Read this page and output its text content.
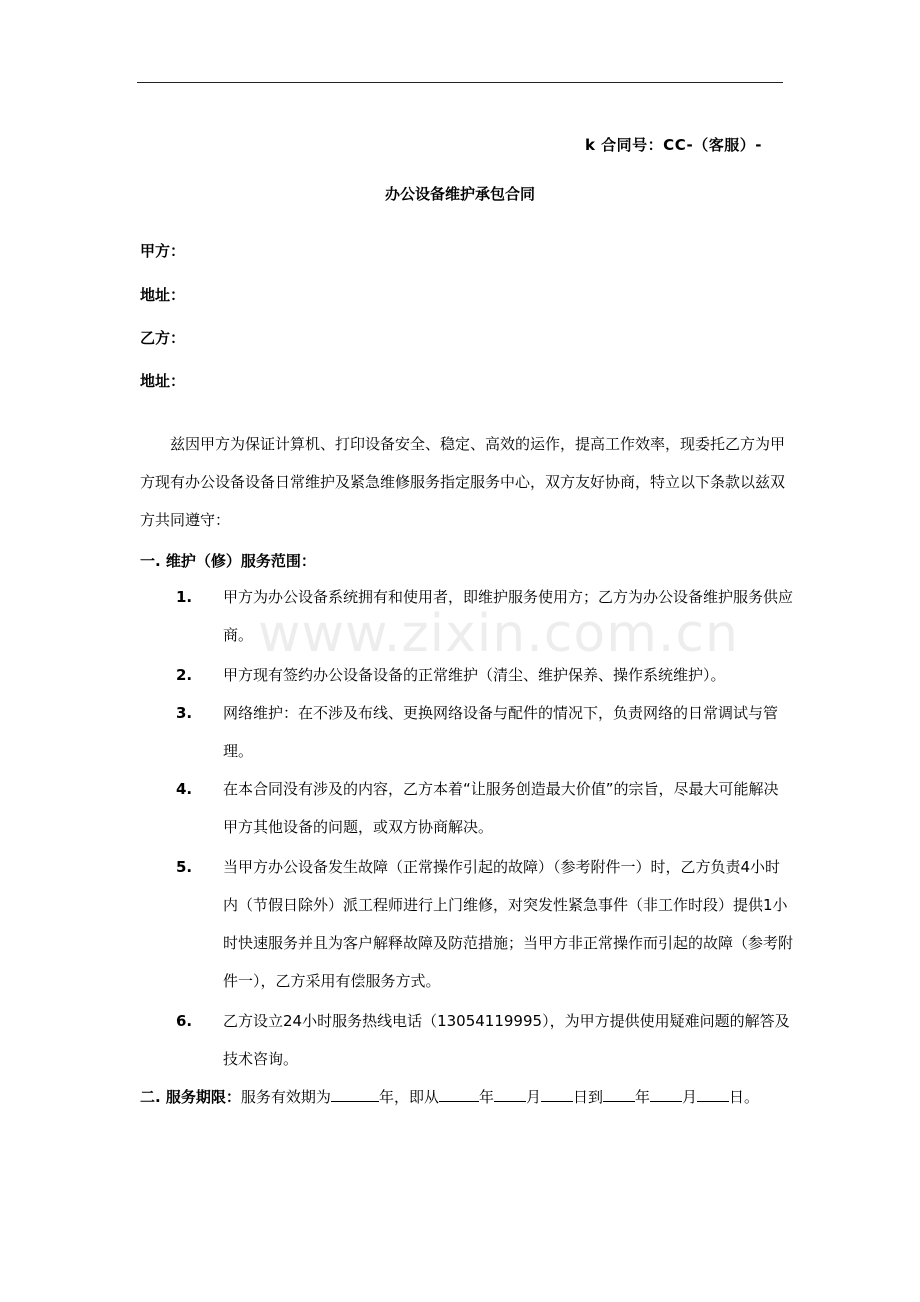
k 合同号：CC-（客服）-
办公设备维护承包合同
甲方：
地址：
乙方：
地址：
兹因甲方为保证计算机、打印设备安全、稳定、高效的运作，提高工作效率，现委托乙方为甲方现有办公设备设备日常维护及紧急维修服务指定服务中心，双方友好协商，特立以下条款以兹双方共同遵守：
一. 维护（修）服务范围：
1. 甲方为办公设备系统拥有和使用者，即维护服务使用方；乙方为办公设备维护服务供应商。
2. 甲方现有签约办公设备设备的正常维护（清尘、维护保养、操作系统维护）。
3. 网络维护：在不涉及布线、更换网络设备与配件的情况下，负责网络的日常调试与管理。
4. 在本合同没有涉及的内容，乙方本着“让服务创造最大价值”的宗旨，尽最大可能解决甲方其他设备的问题，或双方协商解决。
5. 当甲方办公设备发生故障（正常操作引起的故障）（参考附件一）时，乙方负责4小时内（节假日除外）派工程师进行上门维修，对突发性紧急事件（非工作时段）提供1小时快速服务并且为客户解释故障及防范措施；当甲方非正常操作而引起的故障（参考附件一），乙方采用有偿服务方式。
6. 乙方设立24小时服务热线电话（13054119995），为甲方提供使用疑难问题的解答及技术咨询。
二. 服务期限：服务有效期为	年，即从	年 月 日到 年 月 日。
www.zixin.com.cn
